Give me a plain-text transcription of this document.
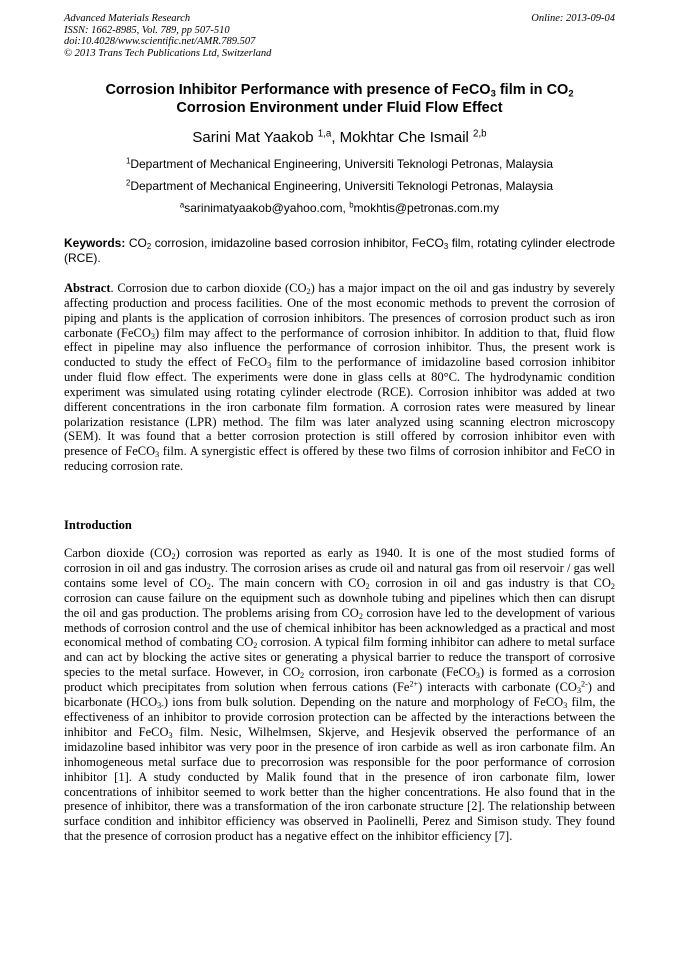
Advanced Materials Research
ISSN: 1662-8985, Vol. 789, pp 507-510
doi:10.4028/www.scientific.net/AMR.789.507
© 2013 Trans Tech Publications Ltd, Switzerland
Online: 2013-09-04
Corrosion Inhibitor Performance with presence of FeCO$_3$ film in $CO_2$
Corrosion Environment under Fluid Flow Effect
Sarini Mat Yaakob $^{1,a}$, Mokhtar Che Ismail $^{2,b}$
$^1$Department of Mechanical Engineering, Universiti Teknologi Petronas, Malaysia
$^2$Department of Mechanical Engineering, Universiti Teknologi Petronas, Malaysia
$^a$sarinimatyaakob@yahoo.com, $^b$mokhtis@petronas.com.my
Keywords: $CO_2$ corrosion, imidazoline based corrosion inhibitor, FeCO$_3$ film, rotating cylinder electrode (RCE).
Abstract. Corrosion due to carbon dioxide $(CO_2)$ has a major impact on the oil and gas industry by severely affecting production and process facilities. One of the most economic methods to prevent the corrosion of piping and plants is the application of corrosion inhibitors. The presences of corrosion product such as iron carbonate (FeCO$_3$) film may affect to the performance of corrosion inhibitor. In addition to that, fluid flow effect in pipeline may also influence the performance of corrosion inhibitor. Thus, the present work is conducted to study the effect of FeCO$_3$ film to the performance of imidazoline based corrosion inhibitor under fluid flow effect. The experiments were done in glass cells at 80°C. The hydrodynamic condition experiment was simulated using rotating cylinder electrode (RCE). Corrosion inhibitor was added at two different concentrations in the iron carbonate film formation. A corrosion rates were measured by linear polarization resistance (LPR) method. The film was later analyzed using scanning electron microscopy (SEM). It was found that a better corrosion protection is still offered by corrosion inhibitor even with presence of FeCO$_3$ film. A synergistic effect is offered by these two films of corrosion inhibitor and FeCO in reducing corrosion rate.
Introduction
Carbon dioxide $(CO_2)$ corrosion was reported as early as 1940. It is one of the most studied forms of corrosion in oil and gas industry. The corrosion arises as crude oil and natural gas from oil reservoir / gas well contains some level of $CO_2$. The main concern with $CO_2$ corrosion in oil and gas industry is that $CO_2$ corrosion can cause failure on the equipment such as downhole tubing and pipelines which then can disrupt the oil and gas production. The problems arising from $CO_2$ corrosion have led to the development of various methods of corrosion control and the use of chemical inhibitor has been acknowledged as a practical and most economical method of combating $CO_2$ corrosion. A typical film forming inhibitor can adhere to metal surface and can act by blocking the active sites or generating a physical barrier to reduce the transport of corrosive species to the metal surface. However, in $CO_2$ corrosion, iron carbonate (FeCO$_3$) is formed as a corrosion product which precipitates from solution when ferrous cations $(Fe^{2+})$ interacts with carbonate $(CO_3^{2-})$ and bicarbonate $(HCO_{3-})$ ions from bulk solution. Depending on the nature and morphology of FeCO$_3$ film, the effectiveness of an inhibitor to provide corrosion protection can be affected by the interactions between the inhibitor and FeCO$_3$ film. Nesic, Wilhelmsen, Skjerve, and Hesjevik observed the performance of an imidazoline based inhibitor was very poor in the presence of iron carbide as well as iron carbonate film. An inhomogeneous metal surface due to precorrosion was responsible for the poor performance of corrosion inhibitor [1]. A study conducted by Malik found that in the presence of iron carbonate film, lower concentrations of inhibitor seemed to work better than the higher concentrations. He also found that in the presence of inhibitor, there was a transformation of the iron carbonate structure [2]. The relationship between surface condition and inhibitor efficiency was observed in Paolinelli, Perez and Simison study. They found that the presence of corrosion product has a negative effect on the inhibitor efficiency [7].
